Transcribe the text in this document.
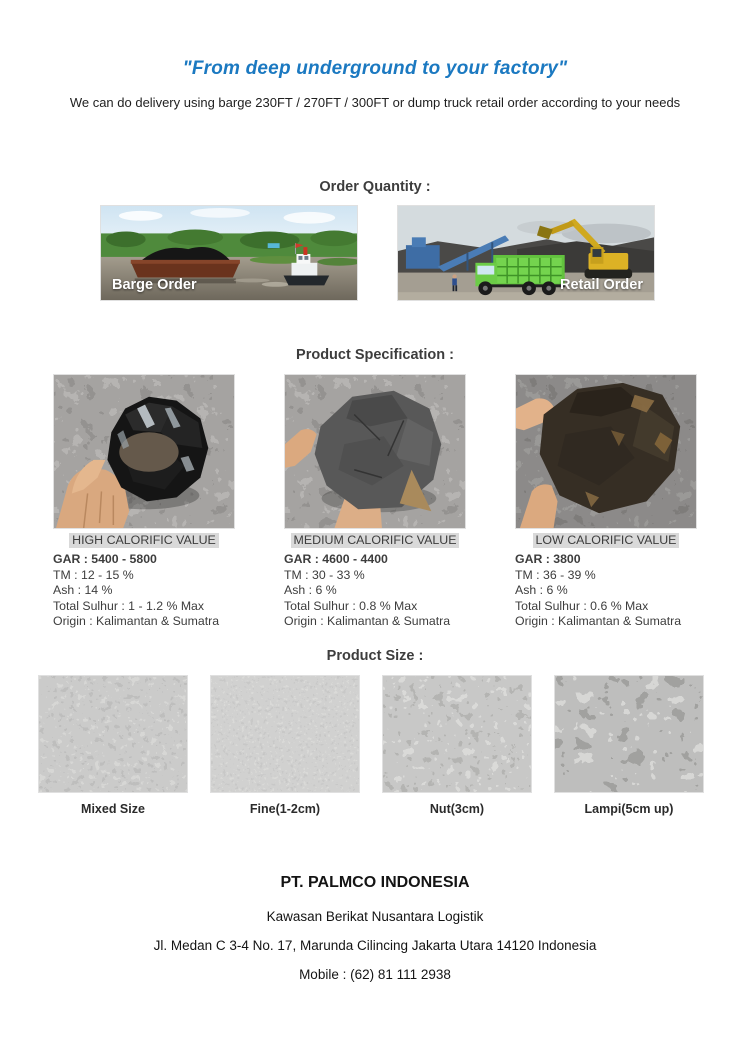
"From deep underground to your factory"
We can do delivery using barge 230FT / 270FT / 300FT or dump truck retail order according to your needs
Order Quantity :
Barge Order	Retail Order
Product Specification :
HIGH CALORIFIC VALUE
GAR : 5400 - 5800
TM : 12 - 15 %
Ash : 14 %
Total Sulhur : 1 - 1.2 % Max
Origin : Kalimantan & Sumatra
MEDIUM CALORIFIC VALUE
GAR : 4600 - 4400
TM : 30 - 33 %
Ash : 6 %
Total Sulhur : 0.8 % Max
Origin : Kalimantan & Sumatra
LOW CALORIFIC VALUE
GAR : 3800
TM : 36 - 39 %
Ash : 6 %
Total Sulhur : 0.6 % Max
Origin : Kalimantan & Sumatra
Product Size :
Mixed Size	Fine(1-2cm)	Nut(3cm)	Lampi(5cm up)
PT. PALMCO INDONESIA
Kawasan Berikat Nusantara Logistik
Jl. Medan C 3-4 No. 17, Marunda Cilincing Jakarta Utara 14120 Indonesia
Mobile : (62) 81 111 2938
